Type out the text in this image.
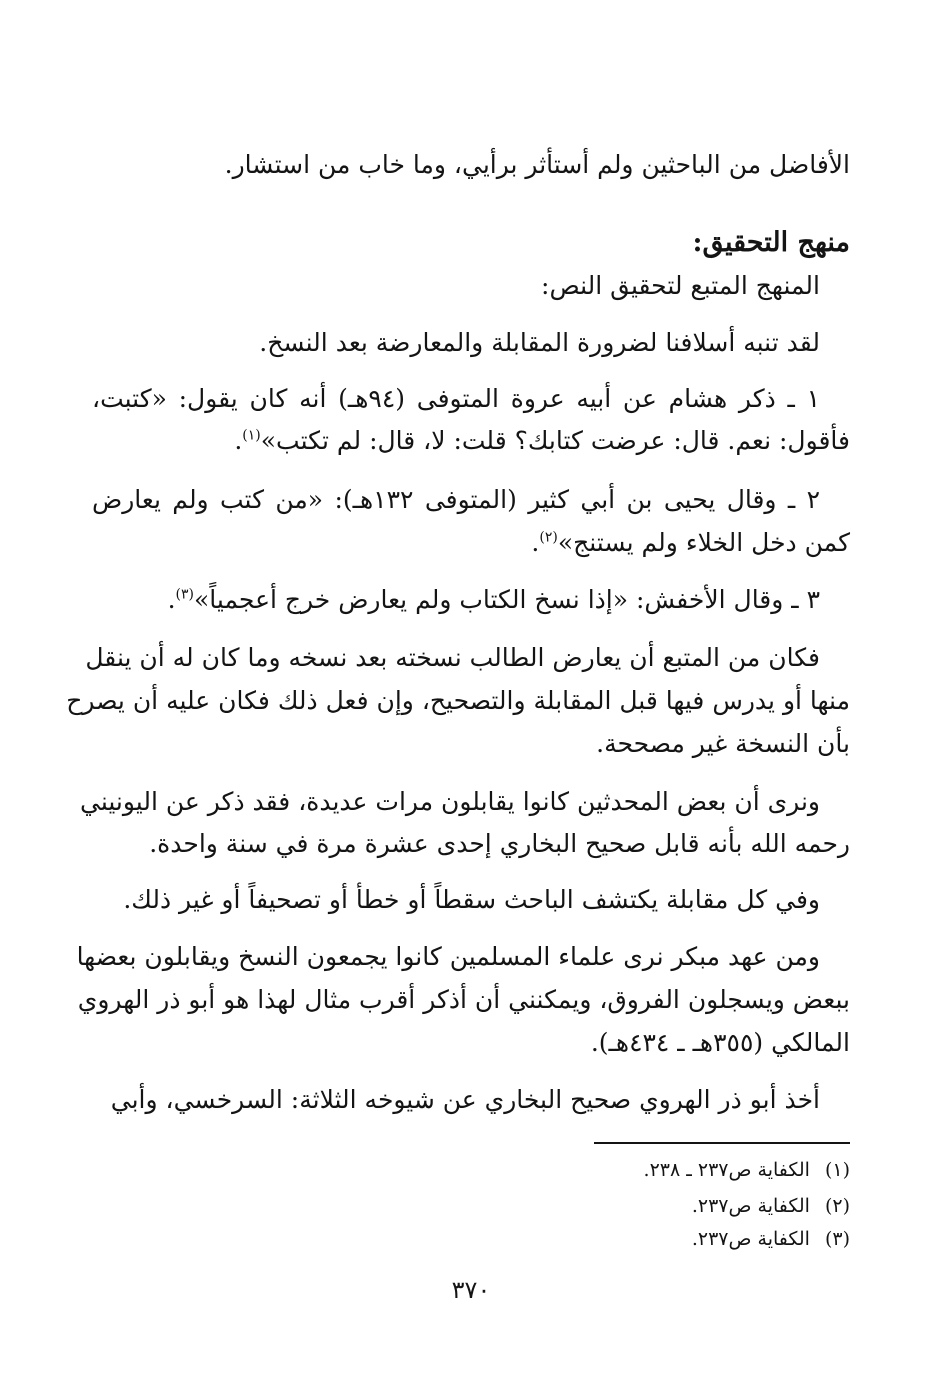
الأفاضل من الباحثين ولم أستأثر برأيي، وما خاب من استشار.
منهج التحقيق:
المنهج المتبع لتحقيق النص:
لقد تنبه أسلافنا لضرورة المقابلة والمعارضة بعد النسخ.
١ ـ ذكر هشام عن أبيه عروة المتوفى (٩٤هـ) أنه كان يقول: «كتبت،
فأقول: نعم. قال: عرضت كتابك؟ قلت: لا، قال: لم تكتب»$^{(١)}$.
٢ ـ وقال يحيى بن أبي كثير (المتوفى ١٣٢هـ): «من كتب ولم يعارض
كمن دخل الخلاء ولم يستنج»$^{(٢)}$.
٣ ـ وقال الأخفش: «إذا نسخ الكتاب ولم يعارض خرج أعجمياً»$^{(٣)}$.
فكان من المتبع أن يعارض الطالب نسخته بعد نسخه وما كان له أن ينقل
منها أو يدرس فيها قبل المقابلة والتصحيح، وإن فعل ذلك فكان عليه أن يصرح
بأن النسخة غير مصححة.
ونرى أن بعض المحدثين كانوا يقابلون مرات عديدة، فقد ذكر عن اليونيني
رحمه الله بأنه قابل صحيح البخاري إحدى عشرة مرة في سنة واحدة.
وفي كل مقابلة يكتشف الباحث سقطاً أو خطأ أو تصحيفاً أو غير ذلك.
ومن عهد مبكر نرى علماء المسلمين كانوا يجمعون النسخ ويقابلون بعضها
ببعض ويسجلون الفروق، ويمكنني أن أذكر أقرب مثال لهذا هو أبو ذر الهروي
المالكي (٣٥٥هـ ـ ٤٣٤هـ).
أخذ أبو ذر الهروي صحيح البخاري عن شيوخه الثلاثة: السرخسي، وأبي
(١) الكفاية ص٢٣٧ ـ ٢٣٨.
(٢) الكفاية ص٢٣٧.
(٣) الكفاية ص٢٣٧.
٣٧٠
